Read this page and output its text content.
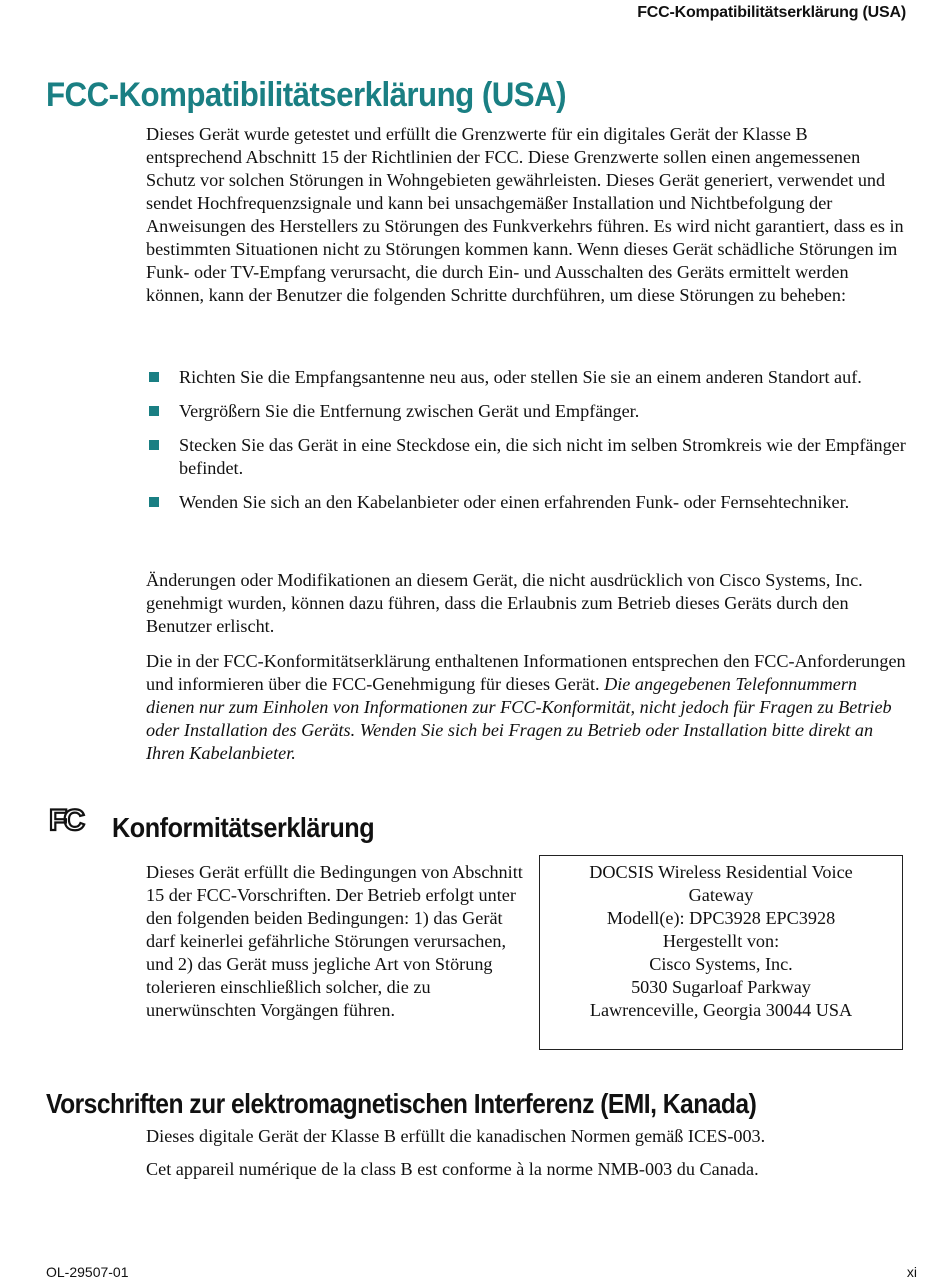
FCC-Kompatibilitätserklärung (USA)
FCC-Kompatibilitätserklärung (USA)

Dieses Gerät wurde getestet und erfüllt die Grenzwerte für ein digitales Gerät der Klasse B entsprechend Abschnitt 15 der Richtlinien der FCC. Diese Grenzwerte sollen einen angemessenen Schutz vor solchen Störungen in Wohngebieten gewährleisten. Dieses Gerät generiert, verwendet und sendet Hochfrequenzsignale und kann bei unsachgemäßer Installation und Nichtbefolgung der Anweisungen des Herstellers zu Störungen des Funkverkehrs führen. Es wird nicht garantiert, dass es in bestimmten Situationen nicht zu Störungen kommen kann. Wenn dieses Gerät schädliche Störungen im Funk- oder TV-Empfang verursacht, die durch Ein- und Ausschalten des Geräts ermittelt werden können, kann der Benutzer die folgenden Schritte durchführen, um diese Störungen zu beheben:

Richten Sie die Empfangsantenne neu aus, oder stellen Sie sie an einem anderen Standort auf.
Vergrößern Sie die Entfernung zwischen Gerät und Empfänger.
Stecken Sie das Gerät in eine Steckdose ein, die sich nicht im selben Stromkreis wie der Empfänger befindet.
Wenden Sie sich an den Kabelanbieter oder einen erfahrenden Funk- oder Fernsehtechniker.

Änderungen oder Modifikationen an diesem Gerät, die nicht ausdrücklich von Cisco Systems, Inc. genehmigt wurden, können dazu führen, dass die Erlaubnis zum Betrieb dieses Geräts durch den Benutzer erlischt.

Die in der FCC-Konformitätserklärung enthaltenen Informationen entsprechen den FCC-Anforderungen und informieren über die FCC-Genehmigung für dieses Gerät. Die angegebenen Telefonnummern dienen nur zum Einholen von Informationen zur FCC-Konformität, nicht jedoch für Fragen zu Betrieb oder Installation des Geräts. Wenden Sie sich bei Fragen zu Betrieb oder Installation bitte direkt an Ihren Kabelanbieter.

FC Konformitätserklärung

Dieses Gerät erfüllt die Bedingungen von Abschnitt 15 der FCC-Vorschriften. Der Betrieb erfolgt unter den folgenden beiden Bedingungen: 1) das Gerät darf keinerlei gefährliche Störungen verursachen, und 2) das Gerät muss jegliche Art von Störung tolerieren einschließlich solcher, die zu unerwünschten Vorgängen führen.

DOCSIS Wireless Residential Voice
Gateway
Modell(e): DPC3928 EPC3928
Hergestellt von:
Cisco Systems, Inc.
5030 Sugarloaf Parkway
Lawrenceville, Georgia 30044 USA
Vorschriften zur elektromagnetischen Interferenz (EMI, Kanada)

Dieses digitale Gerät der Klasse B erfüllt die kanadischen Normen gemäß ICES-003.

Cet appareil numérique de la class B est conforme à la norme NMB-003 du Canada.

OL-29507-01	xi
